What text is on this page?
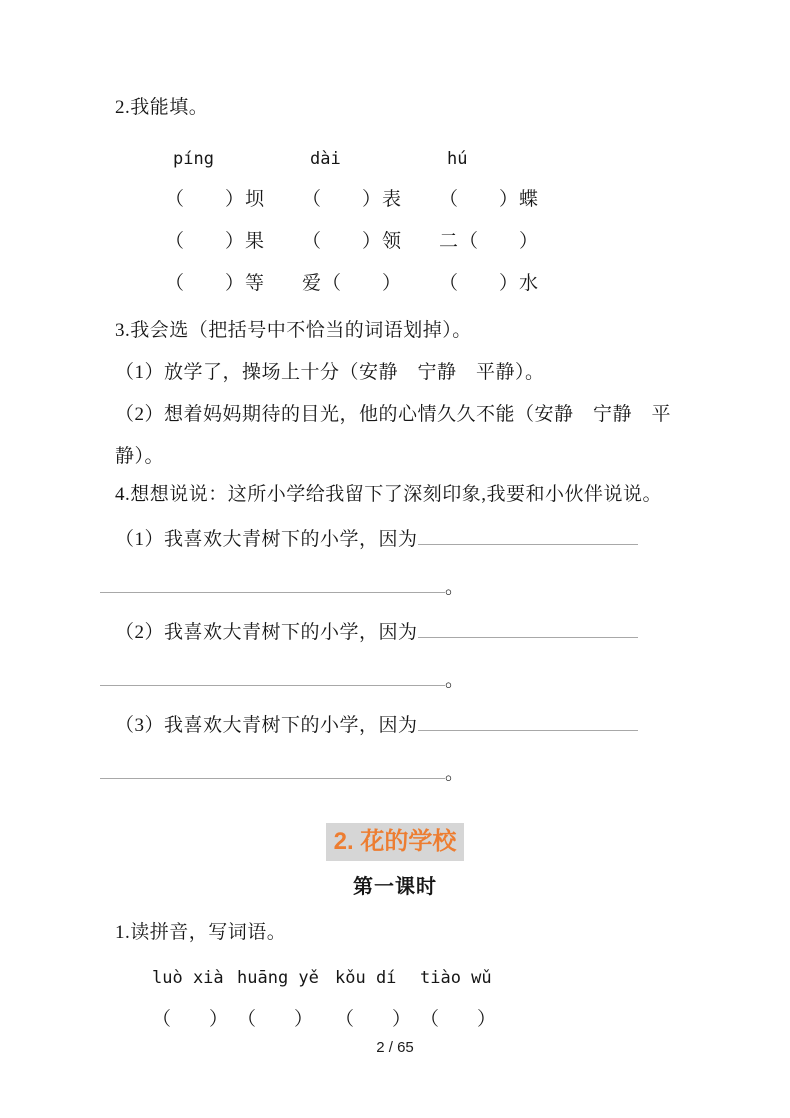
2.我能填。
píng	dài	hú
（　　）坝	（　　）表	（　　）蝶
（　　）果	（　　）领	二（　　）
（　　）等	爱（　　）	（　　）水
3.我会选（把括号中不恰当的词语划掉）。
（1）放学了，操场上十分（安静　宁静　平静）。
（2）想着妈妈期待的目光，他的心情久久不能（安静　宁静　平
静）。
4.想想说说：这所小学给我留下了深刻印象,我要和小伙伴说说。
（1）我喜欢大青树下的小学，因为
。
（2）我喜欢大青树下的小学，因为
。
（3）我喜欢大青树下的小学，因为
。
2. 花的学校
第一课时
1.读拼音，写词语。
luò xià huāng yě kǒu dí	tiào wǔ
（　　） （　　）	（　　） （　　）
2 / 65
